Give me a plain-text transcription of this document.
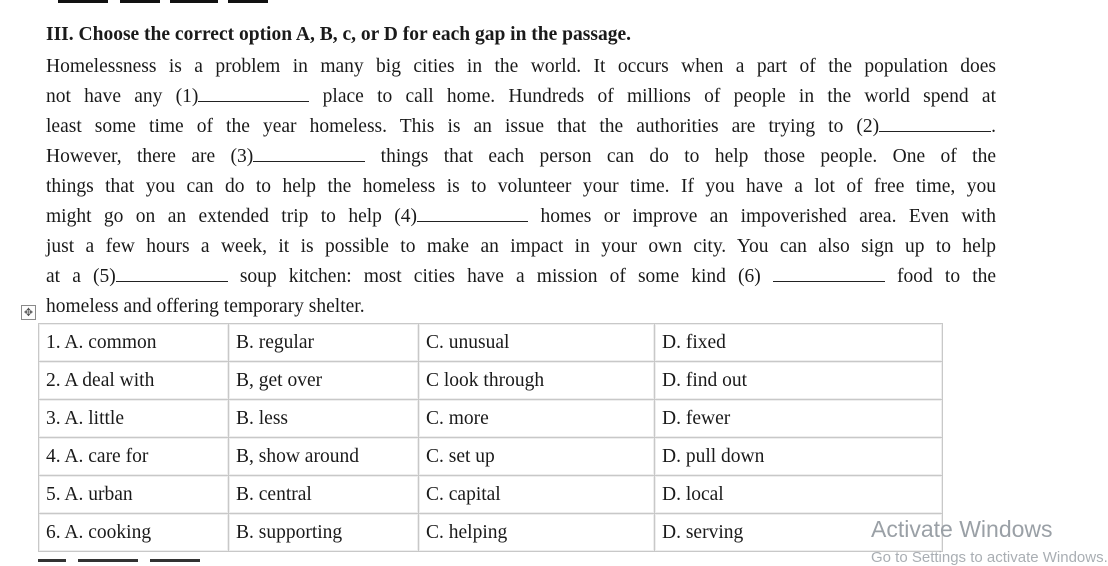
III. Choose the correct option A, B, c, or D for each gap in the passage.
Homelessness is a problem in many big cities in the world. It occurs when a part of the population does
not have any (1)	place to call home. Hundreds of millions of people in the world spend at
least some time of the year homeless. This is an issue that the authorities are trying to (2)	.
However, there are (3)	things that each person can do to help those people. One of the
things that you can do to help the homeless is to volunteer your time. If you have a lot of free time, you
might go on an extended trip to help (4)	homes or improve an impoverished area. Even with
just a few hours a week, it is possible to make an impact in your own city. You can also sign up to help
at a (5)	soup kitchen: most cities have a mission of some kind (6)	food to the
homeless and offering temporary shelter.
✥
1. A. common	B. regular	C. unusual	D. fixed
2. A deal with	B, get over	C look through	D. find out
3. A. little	B. less	C. more	D. fewer
4. A. care for	B, show around	C. set up	D. pull down
5. A. urban	B. central	C. capital	D. local
6. A. cooking	B. supporting	C. helping	D. serving	Activate Windows
Go to Settings to activate Windows.
